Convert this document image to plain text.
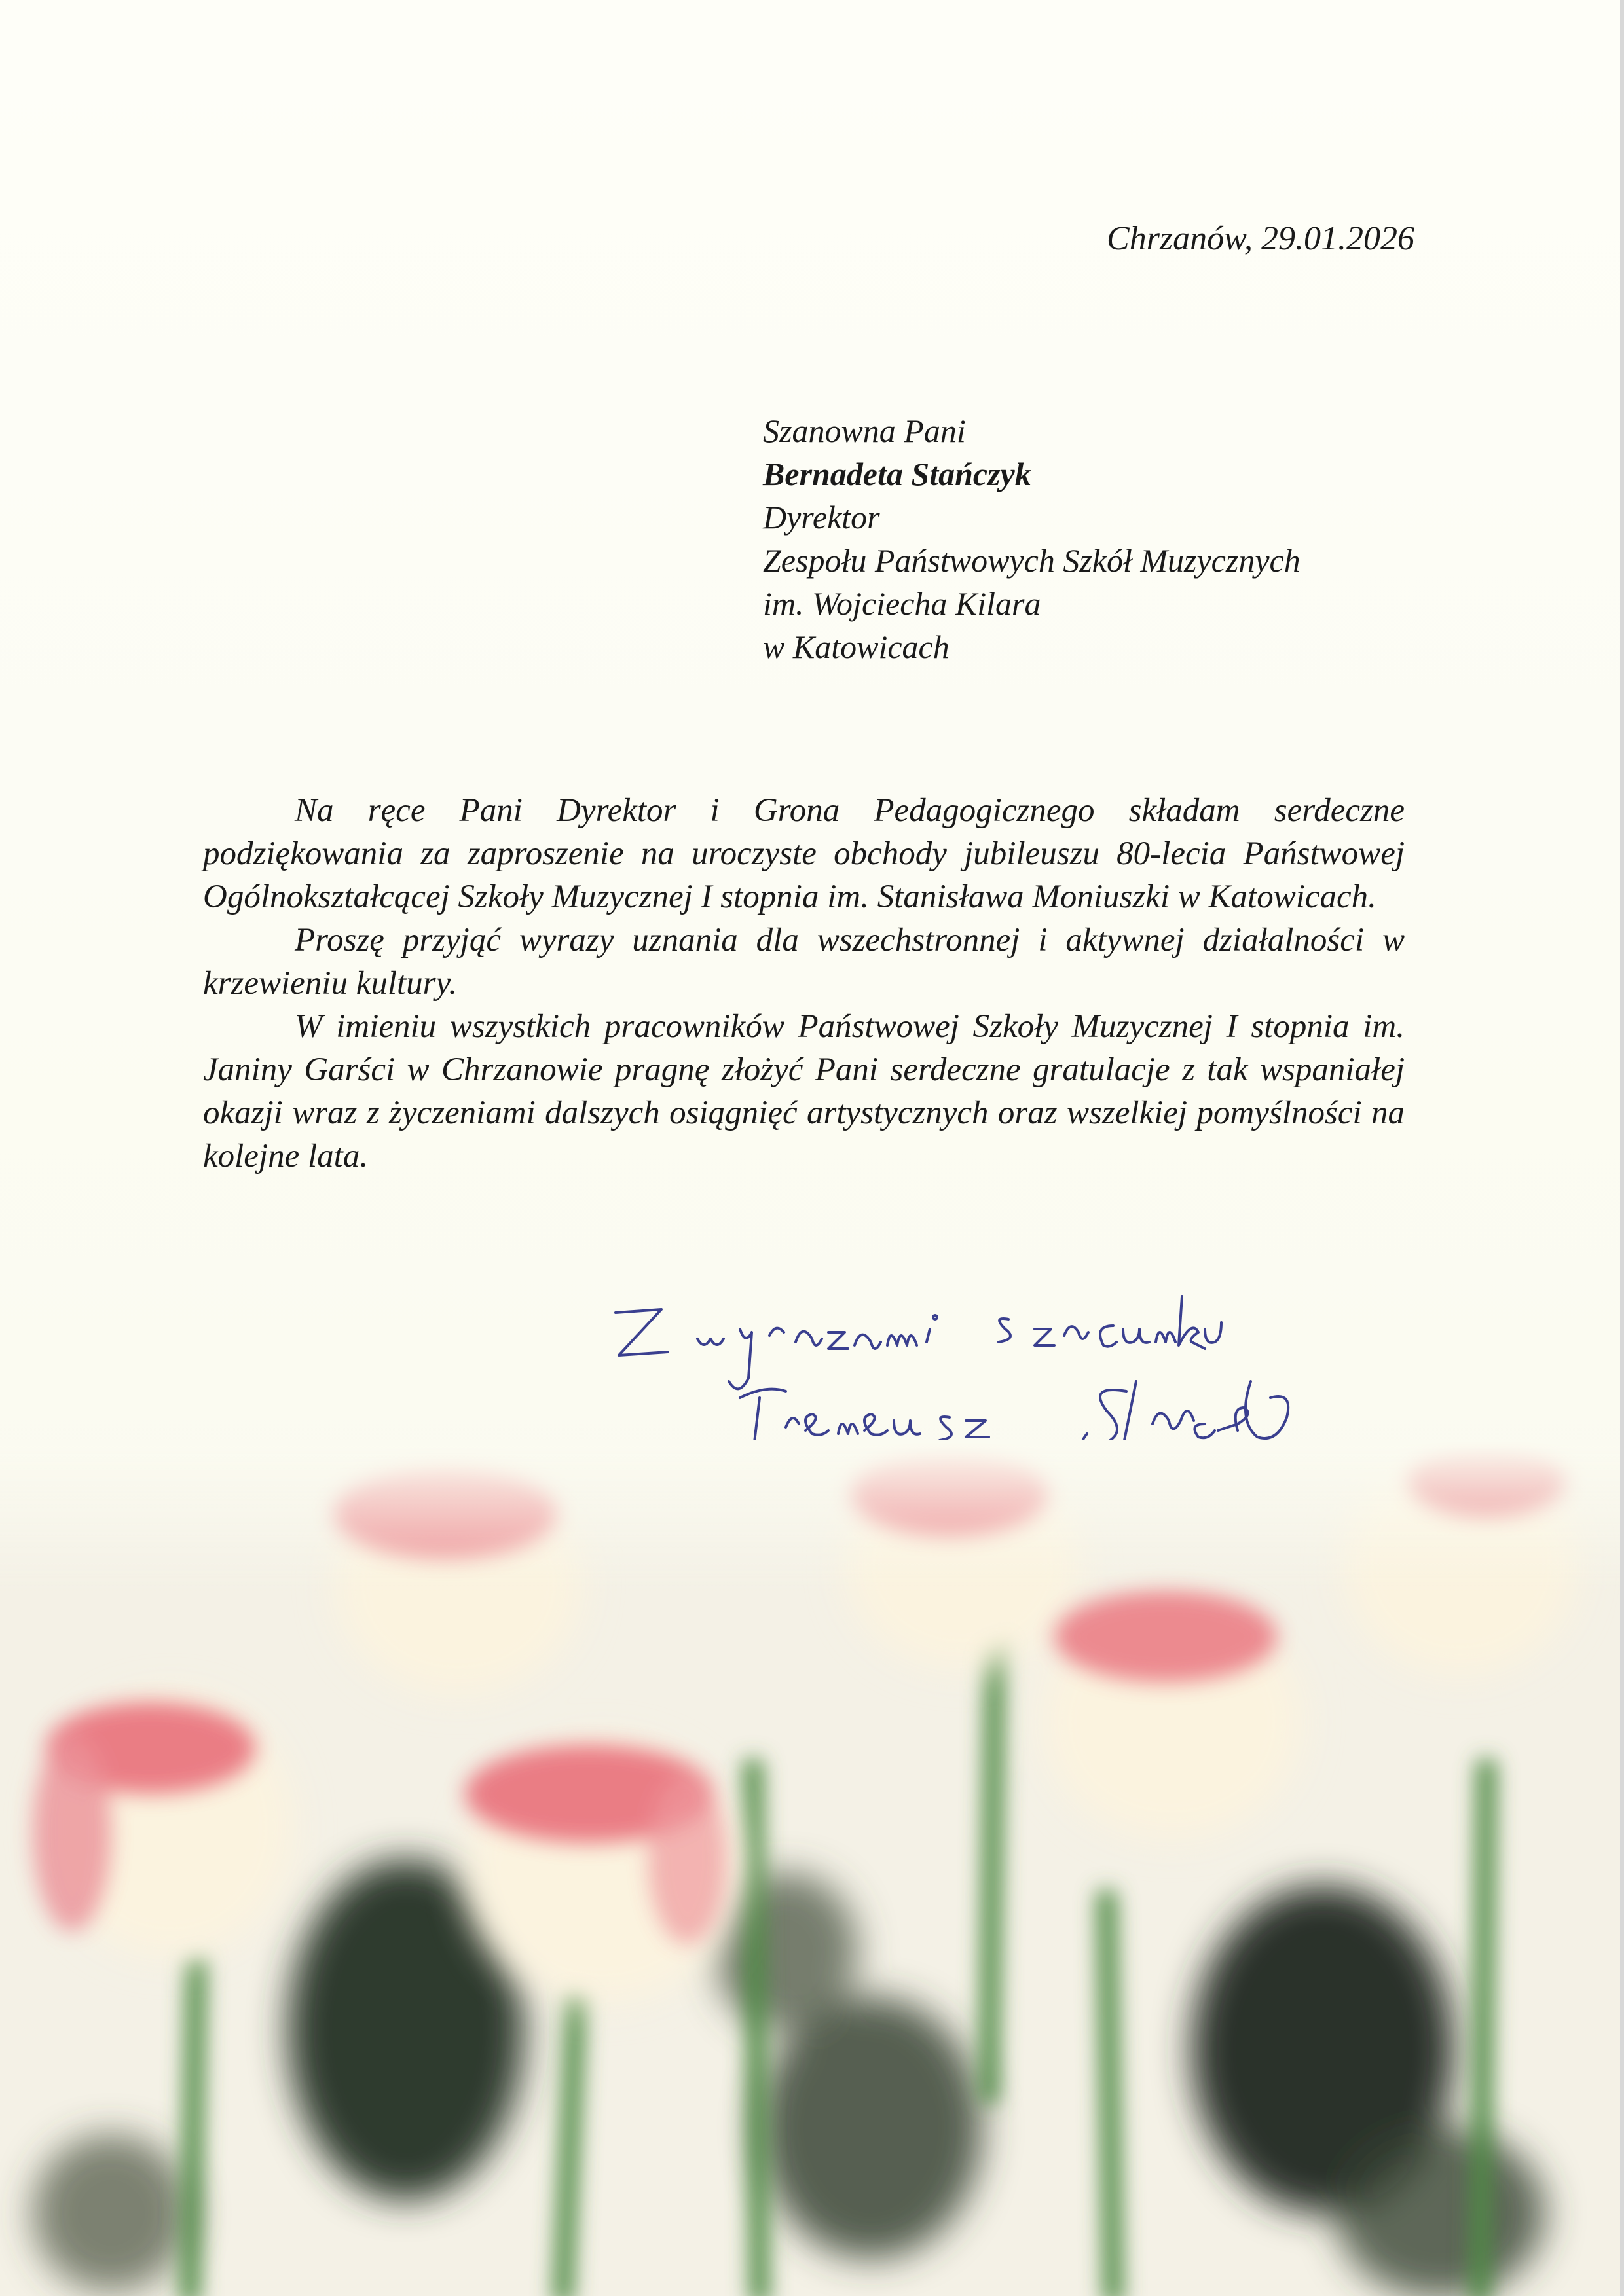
Chrzanów, 29.01.2026
Szanowna Pani
Bernadeta Stańczyk
Dyrektor
Zespołu Państwowych Szkół Muzycznych
im. Wojciecha Kilara
w Katowicach

Na ręce Pani Dyrektor i Grona Pedagogicznego składam serdeczne podziękowania za zaproszenie na uroczyste obchody jubileuszu 80-lecia Państwowej Ogólnokształcącej Szkoły Muzycznej I stopnia im. Stanisława Moniuszki w Katowicach.

Proszę przyjąć wyrazy uznania dla wszechstronnej i aktywnej działalności w krzewieniu kultury.

W imieniu wszystkich pracowników Państwowej Szkoły Muzycznej I stopnia im. Janiny Garści w Chrzanowie pragnę złożyć Pani serdeczne gratulacje z tak wspaniałej okazji wraz z życzeniami dalszych osiągnięć artystycznych oraz wszelkiej pomyślności na kolejne lata.
